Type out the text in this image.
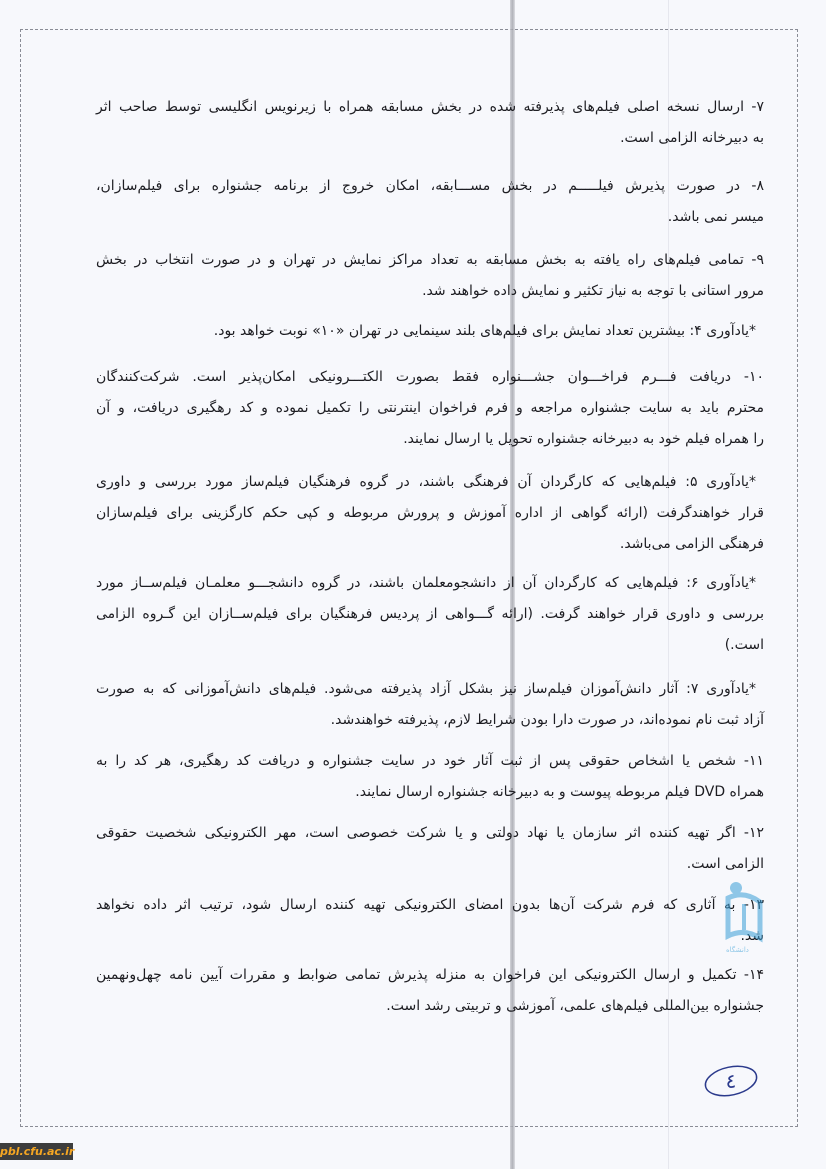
۷- ارسال نسخه اصلی فیلم‌های پذیرفته شده در بخش مسابقه همراه با زیرنویس انگلیسی توسط صاحب اثر
به دبیرخانه الزامی است.
۸- در صورت پذیرش فیلـــــم در بخش مســـابقه، امکان خروج از برنامه جشنواره برای فیلم‌سازان،
میسر نمی باشد.
۹- تمامی فیلم‌های راه یافته به بخش مسابقه به تعداد مراکز نمایش در تهران و در صورت انتخاب در بخش
مرور استانی با توجه به نیاز تکثیر و نمایش داده خواهند شد.
*یادآوری ۴: بیشترین تعداد نمایش برای فیلم‌های بلند سینمایی در تهران «۱۰» نوبت خواهد بود.
۱۰- دریافت فـــرم فراخـــوان جشـــنواره فقط بصورت الکتـــرونیکی امکان‌پذیر است. شرکت‌کنندگان
محترم باید به سایت جشنواره مراجعه و فرم فراخوان اینترنتی را تکمیل نموده و کد رهگیری دریافت، و آن
را همراه فیلم خود به دبیرخانه جشنواره تحویل یا ارسال نمایند.
*یادآوری ۵: فیلم‌هایی که کارگردان آن فرهنگی باشند، در گروه فرهنگیان فیلم‌ساز مورد بررسی و داوری
قرار خواهندگرفت (ارائه گواهی از اداره آموزش و پرورش مربوطه و کپی حکم کارگزینی برای فیلم‌سازان
فرهنگی الزامی می‌باشد.
*یادآوری ۶: فیلم‌هایی که کارگردان آن از دانشجومعلمان باشند، در گروه دانشجـــو معلمـان فیلم‌ســاز مورد
بررسی و داوری قرار خواهند گرفت. (ارائه گـــواهی از پردیس فرهنگیان برای فیلم‌ســازان این گـروه الزامی
است.)
*یادآوری ۷: آثار دانش‌آموزان فیلم‌ساز نیز بشکل آزاد پذیرفته می‌شود. فیلم‌های دانش‌آموزانی که به صورت
آزاد ثبت نام نموده‌اند، در صورت دارا بودن شرایط لازم، پذیرفته خواهندشد.
۱۱- شخص یا اشخاص حقوقی پس از ثبت آثار خود در سایت جشنواره و دریافت کد رهگیری، هر کد را به
همراه DVD فیلم مربوطه پیوست و به دبیرخانه جشنواره ارسال نمایند.
۱۲- اگر تهیه کننده اثر سازمان یا نهاد دولتی و یا شرکت خصوصی است، مهر الکترونیکی شخصیت حقوقی
الزامی است.
۱۳- به آثاری که فرم شرکت آن‌ها بدون امضای الکترونیکی تهیه کننده ارسال شود، ترتیب اثر داده نخواهد
شد.
۱۴- تکمیل و ارسال الکترونیکی این فراخوان به منزله پذیرش تمامی ضوابط و مقررات آیین نامه چهل‌ونهمین
جشنواره بین‌المللی فیلم‌های علمی، آموزشی و تربیتی رشد است.
دانشگاه
٤
pbl.cfu.ac.ir
